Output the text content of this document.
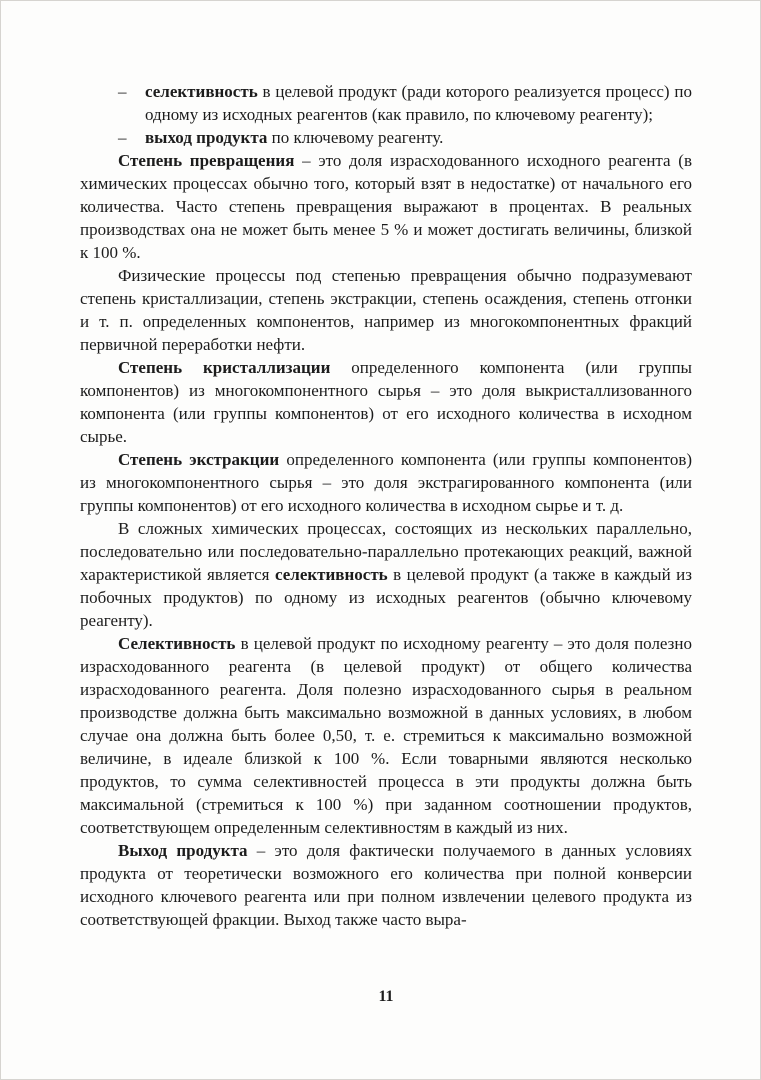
– селективность в целевой продукт (ради которого реализуется процесс) по одному из исходных реагентов (как правило, по ключевому реагенту);
– выход продукта по ключевому реагенту.

Степень превращения – это доля израсходованного исходного реагента (в химических процессах обычно того, который взят в недостатке) от начального его количества. Часто степень превращения выражают в процентах. В реальных производствах она не может быть менее 5 % и может достигать величины, близкой к 100 %.

Физические процессы под степенью превращения обычно подразумевают степень кристаллизации, степень экстракции, степень осаждения, степень отгонки и т. п. определенных компонентов, например из многокомпонентных фракций первичной переработки нефти.

Степень кристаллизации определенного компонента (или группы компонентов) из многокомпонентного сырья – это доля выкристаллизованного компонента (или группы компонентов) от его исходного количества в исходном сырье.

Степень экстракции определенного компонента (или группы компонентов) из многокомпонентного сырья – это доля экстрагированного компонента (или группы компонентов) от его исходного количества в исходном сырье и т. д.

В сложных химических процессах, состоящих из нескольких параллельно, последовательно или последовательно-параллельно протекающих реакций, важной характеристикой является селективность в целевой продукт (а также в каждый из побочных продуктов) по одному из исходных реагентов (обычно ключевому реагенту).

Селективность в целевой продукт по исходному реагенту – это доля полезно израсходованного реагента (в целевой продукт) от общего количества израсходованного реагента. Доля полезно израсходованного сырья в реальном производстве должна быть максимально возможной в данных условиях, в любом случае она должна быть более 0,50, т. е. стремиться к максимально возможной величине, в идеале близкой к 100 %. Если товарными являются несколько продуктов, то сумма селективностей процесса в эти продукты должна быть максимальной (стремиться к 100 %) при заданном соотношении продуктов, соответствующем определенным селективностям в каждый из них.

Выход продукта – это доля фактически получаемого в данных условиях продукта от теоретически возможного его количества при полной конверсии исходного ключевого реагента или при полном извлечении целевого продукта из соответствующей фракции. Выход также часто выра-

11
